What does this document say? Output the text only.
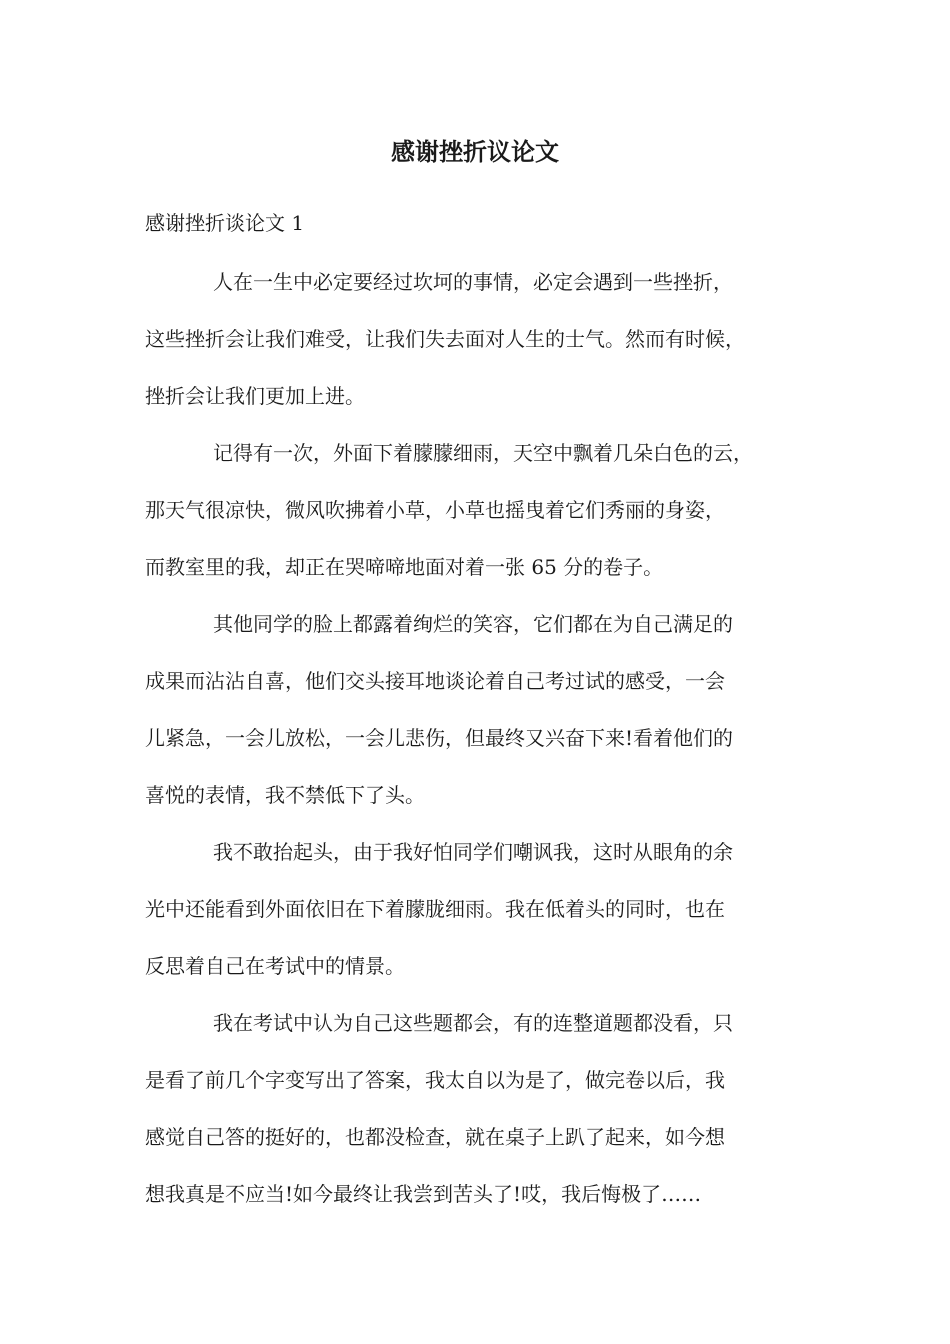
感谢挫折议论文
感谢挫折谈论文 1
人在一生中必定要经过坎坷的事情，必定会遇到一些挫折，
这些挫折会让我们难受，让我们失去面对人生的士气。然而有时候，
挫折会让我们更加上进。
记得有一次，外面下着朦朦细雨，天空中飘着几朵白色的云，
那天气很凉快，微风吹拂着小草，小草也摇曳着它们秀丽的身姿，
而教室里的我，却正在哭啼啼地面对着一张 65 分的卷子。
其他同学的脸上都露着绚烂的笑容，它们都在为自己满足的
成果而沾沾自喜，他们交头接耳地谈论着自己考过试的感受，一会
儿紧急，一会儿放松，一会儿悲伤，但最终又兴奋下来!看着他们的
喜悦的表情，我不禁低下了头。
我不敢抬起头，由于我好怕同学们嘲讽我，这时从眼角的余
光中还能看到外面依旧在下着朦胧细雨。我在低着头的同时，也在
反思着自己在考试中的情景。
我在考试中认为自己这些题都会，有的连整道题都没看，只
是看了前几个字变写出了答案，我太自以为是了，做完卷以后，我
感觉自己答的挺好的，也都没检查，就在桌子上趴了起来，如今想
想我真是不应当!如今最终让我尝到苦头了!哎，我后悔极了……
